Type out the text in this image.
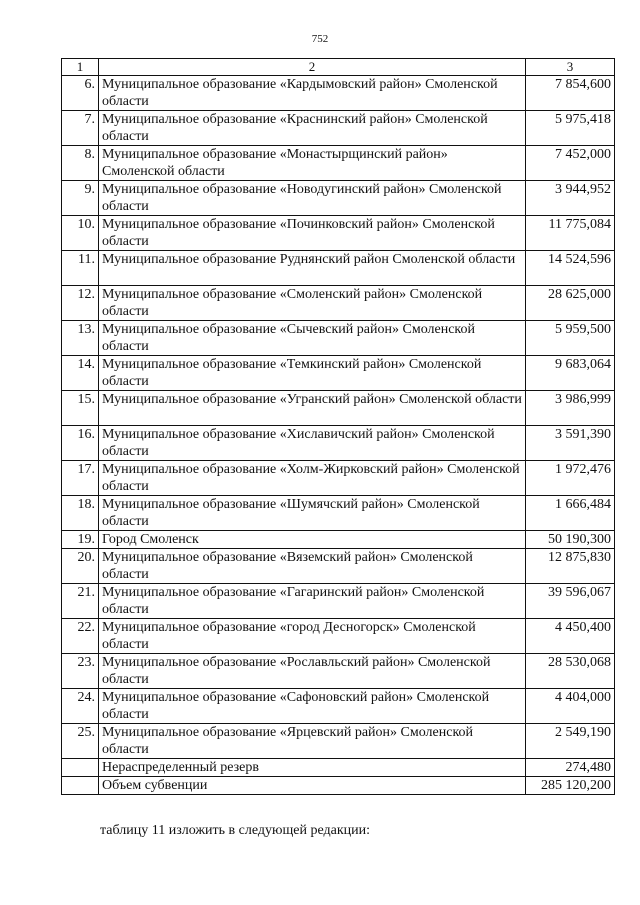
752
1	2	3
6.	Муниципальное образование «Кардымовский район» Смоленской области	7 854,600
7.	Муниципальное образование «Краснинский район» Смоленской области	5 975,418
8.	Муниципальное образование «Монастырщинский район» Смоленской области	7 452,000
9.	Муниципальное образование «Новодугинский район» Смоленской области	3 944,952
10.	Муниципальное образование «Починковский район» Смоленской области	11 775,084
11.	Муниципальное образование Руднянский район Смоленской области	14 524,596
12.	Муниципальное образование «Смоленский район» Смоленской области	28 625,000
13.	Муниципальное образование «Сычевский район» Смоленской области	5 959,500
14.	Муниципальное образование «Темкинский район» Смоленской области	9 683,064
15.	Муниципальное образование «Угранский район» Смоленской области	3 986,999
16.	Муниципальное образование «Хиславичский район» Смоленской области	3 591,390
17.	Муниципальное образование «Холм-Жирковский район» Смоленской области	1 972,476
18.	Муниципальное образование «Шумячский район» Смоленской области	1 666,484
19.	Город Смоленск	50 190,300
20.	Муниципальное образование «Вяземский район» Смоленской области	12 875,830
21.	Муниципальное образование «Гагаринский район» Смоленской области	39 596,067
22.	Муниципальное образование «город Десногорск» Смоленской области	4 450,400
23.	Муниципальное образование «Рославльский район» Смоленской области	28 530,068
24.	Муниципальное образование «Сафоновский район» Смоленской области	4 404,000
25.	Муниципальное образование «Ярцевский район» Смоленской области	2 549,190
	Нераспределенный резерв	274,480
	Объем субвенции	285 120,200
таблицу 11 изложить в следующей редакции:
